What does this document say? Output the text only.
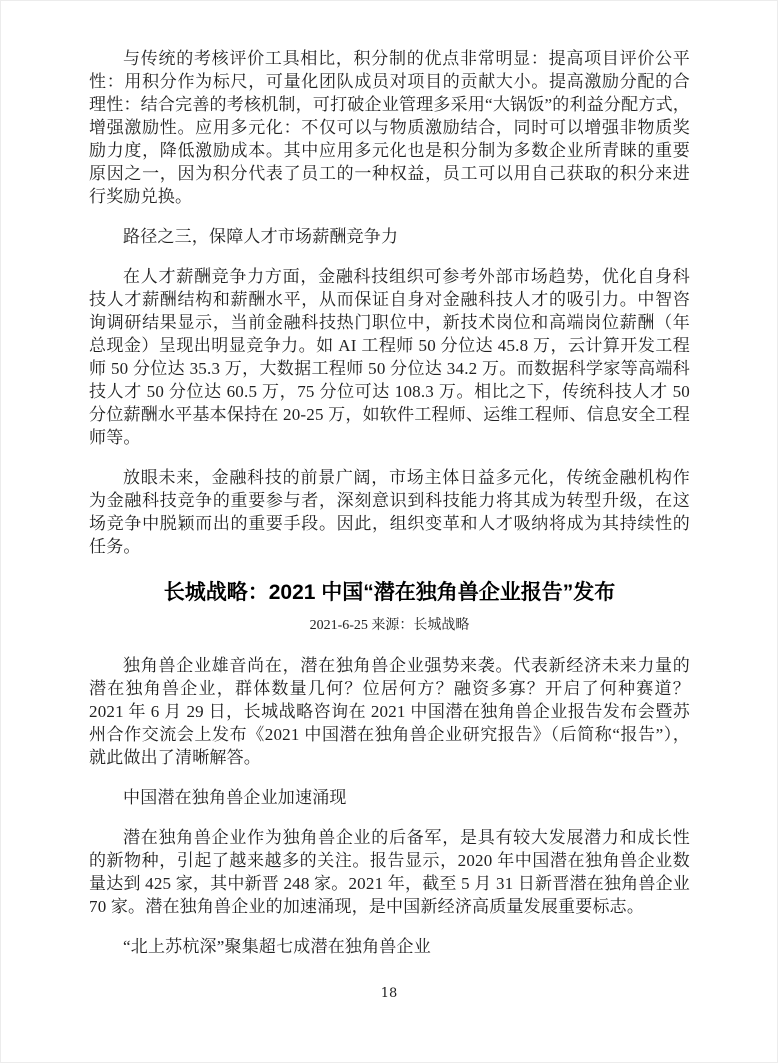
与传统的考核评价工具相比，积分制的优点非常明显：提高项目评价公平性：用积分作为标尺，可量化团队成员对项目的贡献大小。提高激励分配的合理性：结合完善的考核机制，可打破企业管理多采用“大锅饭”的利益分配方式，增强激励性。应用多元化：不仅可以与物质激励结合，同时可以增强非物质奖励力度，降低激励成本。其中应用多元化也是积分制为多数企业所青睐的重要原因之一，因为积分代表了员工的一种权益，员工可以用自己获取的积分来进行奖励兑换。

路径之三，保障人才市场薪酬竞争力

在人才薪酬竞争力方面，金融科技组织可参考外部市场趋势，优化自身科技人才薪酬结构和薪酬水平，从而保证自身对金融科技人才的吸引力。中智咨询调研结果显示，当前金融科技热门职位中，新技术岗位和高端岗位薪酬（年总现金）呈现出明显竞争力。如 AI 工程师 50 分位达 45.8 万，云计算开发工程师 50 分位达 35.3 万，大数据工程师 50 分位达 34.2 万。而数据科学家等高端科技人才 50 分位达 60.5 万，75 分位可达 108.3 万。相比之下，传统科技人才 50 分位薪酬水平基本保持在 20-25 万，如软件工程师、运维工程师、信息安全工程师等。

放眼未来，金融科技的前景广阔，市场主体日益多元化，传统金融机构作为金融科技竞争的重要参与者，深刻意识到科技能力将其成为转型升级，在这场竞争中脱颖而出的重要手段。因此，组织变革和人才吸纳将成为其持续性的任务。

长城战略：2021 中国“潜在独角兽企业报告”发布

2021-6-25 来源：长城战略

独角兽企业雄音尚在，潜在独角兽企业强势来袭。代表新经济未来力量的潜在独角兽企业，群体数量几何？位居何方？融资多寡？开启了何种赛道？2021 年 6 月 29 日，长城战略咨询在 2021 中国潜在独角兽企业报告发布会暨苏州合作交流会上发布《2021 中国潜在独角兽企业研究报告》（后简称“报告”），就此做出了清晰解答。

中国潜在独角兽企业加速涌现

潜在独角兽企业作为独角兽企业的后备军，是具有较大发展潜力和成长性的新物种，引起了越来越多的关注。报告显示，2020 年中国潜在独角兽企业数量达到 425 家，其中新晋 248 家。2021 年，截至 5 月 31 日新晋潜在独角兽企业 70 家。潜在独角兽企业的加速涌现，是中国新经济高质量发展重要标志。

“北上苏杭深”聚集超七成潜在独角兽企业

18
